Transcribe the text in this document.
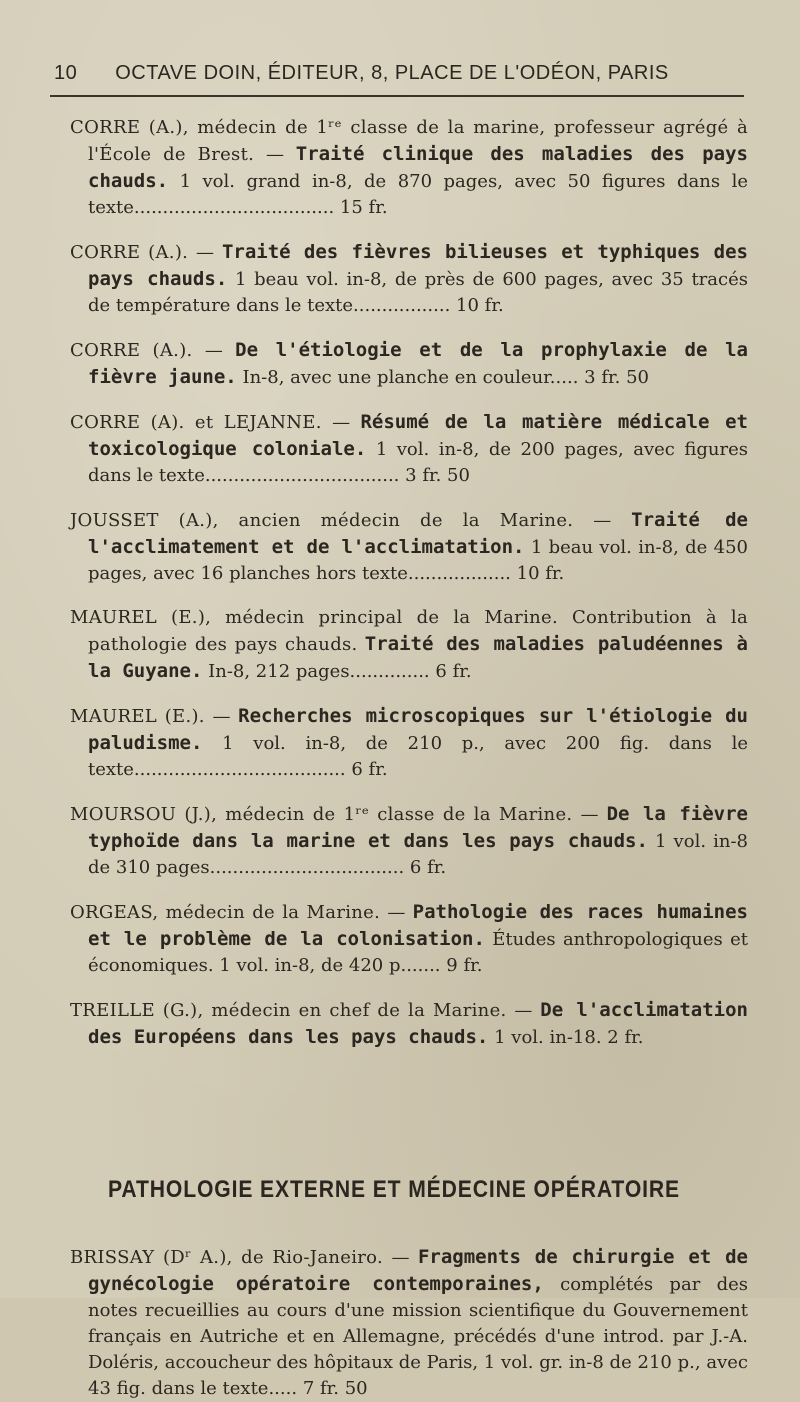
10 OCTAVE DOIN, ÉDITEUR, 8, PLACE DE L'ODÉON, PARIS

CORRE (A.), médecin de 1ʳᵉ classe de la marine, professeur agrégé à l'École de Brest. — Traité clinique des maladies des pays chauds. 1 vol. grand in-8, de 870 pages, avec 50 figures dans le texte................................... 15 fr.

CORRE (A.). — Traité des fièvres bilieuses et typhiques des pays chauds. 1 beau vol. in-8, de près de 600 pages, avec 35 tracés de température dans le texte................. 10 fr.

CORRE (A.). — De l'étiologie et de la prophylaxie de la fièvre jaune. In-8, avec une planche en couleur..... 3 fr. 50

CORRE (A). et LEJANNE. — Résumé de la matière médicale et toxicologique coloniale. 1 vol. in-8, de 200 pages, avec figures dans le texte.................................. 3 fr. 50

JOUSSET (A.), ancien médecin de la Marine. — Traité de l'acclimatement et de l'acclimatation. 1 beau vol. in-8, de 450 pages, avec 16 planches hors texte.................. 10 fr.

MAUREL (E.), médecin principal de la Marine. Contribution à la pathologie des pays chauds. Traité des maladies paludéennes à la Guyane. In-8, 212 pages.............. 6 fr.

MAUREL (E.). — Recherches microscopiques sur l'étiologie du paludisme. 1 vol. in-8, de 210 p., avec 200 fig. dans le texte..................................... 6 fr.

MOURSOU (J.), médecin de 1ʳᵉ classe de la Marine. — De la fièvre typhoïde dans la marine et dans les pays chauds. 1 vol. in-8 de 310 pages.................................. 6 fr.

ORGEAS, médecin de la Marine. — Pathologie des races humaines et le problème de la colonisation. Études anthropologiques et économiques. 1 vol. in-8, de 420 p....... 9 fr.

TREILLE (G.), médecin en chef de la Marine. — De l'acclimatation des Européens dans les pays chauds. 1 vol. in-18. 2 fr.

PATHOLOGIE EXTERNE ET MÉDECINE OPÉRATOIRE

BRISSAY (Dʳ A.), de Rio-Janeiro. — Fragments de chirurgie et de gynécologie opératoire contemporaines, complétés par des notes recueillies au cours d'une mission scientifique du Gouvernement français en Autriche et en Allemagne, précédés d'une introd. par J.-A. Doléris, accoucheur des hôpitaux de Paris, 1 vol. gr. in-8 de 210 p., avec 43 fig. dans le texte..... 7 fr. 50
